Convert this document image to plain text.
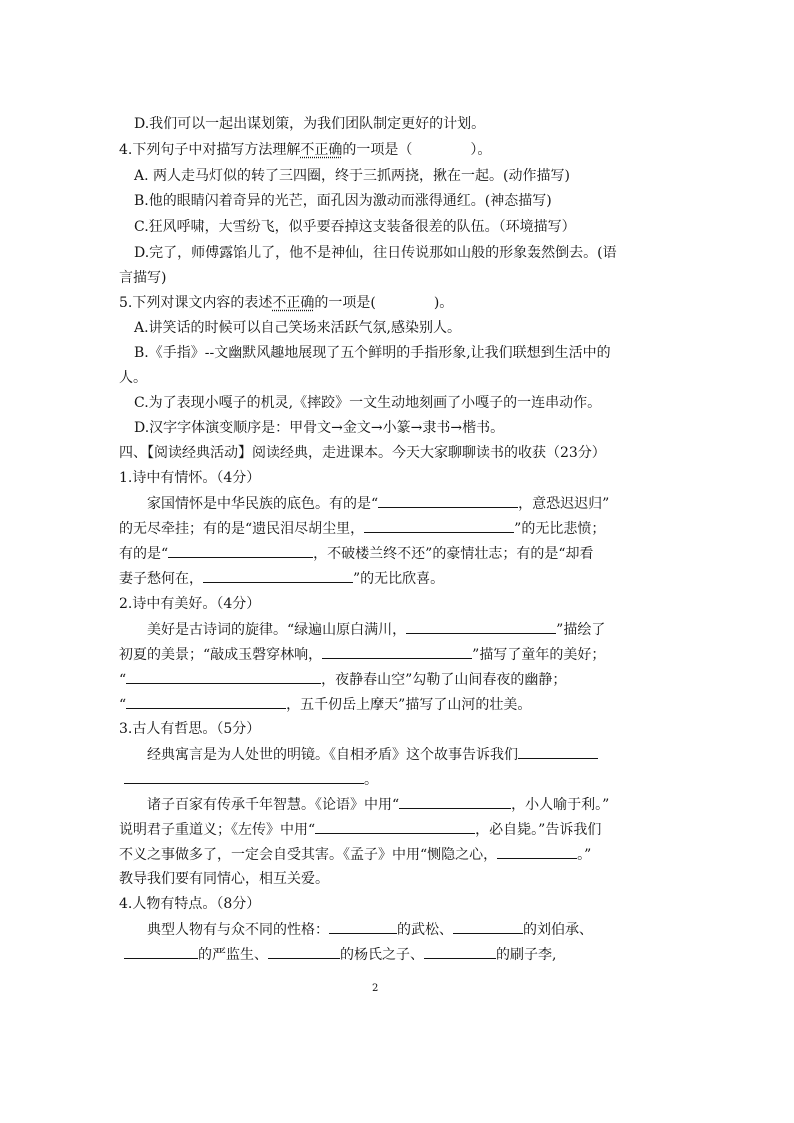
D.我们可以一起出谋划策，为我们团队制定更好的计划。
4.下列句子中对描写方法理解不正确的一项是（	）。
A. 两人走马灯似的转了三四圈，终于三抓两挠，揪在一起。(动作描写)
B.他的眼睛闪着奇异的光芒，面孔因为激动而涨得通红。(神态描写)
C.狂风呼啸，大雪纷飞，似乎要吞掉这支装备很差的队伍。（环境描写）
D.完了，师傅露馅儿了，他不是神仙，往日传说那如山般的形象轰然倒去。(语
言描写)
5.下列对课文内容的表述不正确的一项是(	)。
A.讲笑话的时候可以自己笑场来活跃气氛,感染别人。
B.《手指》--文幽默风趣地展现了五个鲜明的手指形象,让我们联想到生活中的
人。
C.为了表现小嘎子的机灵,《摔跤》一文生动地刻画了小嘎子的一连串动作。
D.汉字字体演变顺序是：甲骨文→金文→小篆→隶书→楷书。
四、【阅读经典活动】阅读经典，走进课本。今天大家聊聊读书的收获（23分）
1.诗中有情怀。（4分）
家国情怀是中华民族的底色。有的是“	，意恐迟迟归”
的无尽牵挂；有的是“遗民泪尽胡尘里，	”的无比悲愤；
有的是“	，不破楼兰终不还”的豪情壮志；有的是“却看
妻子愁何在，	”的无比欣喜。
2.诗中有美好。（4分）
美好是古诗词的旋律。“绿遍山原白满川，	”描绘了
初夏的美景；“敲成玉磬穿林响，	”描写了童年的美好；
“	，夜静春山空”勾勒了山间春夜的幽静；
“	，五千仞岳上摩天”描写了山河的壮美。
3.古人有哲思。（5分）
经典寓言是为人处世的明镜。《自相矛盾》这个故事告诉我们
。
诸子百家有传承千年智慧。《论语》中用“	，小人喻于利。”
说明君子重道义；《左传》中用“	，必自毙。”告诉我们
不义之事做多了，一定会自受其害。《孟子》中用“恻隐之心，	。”
教导我们要有同情心，相互关爱。
4.人物有特点。（8分）
典型人物有与众不同的性格：	的武松、	的刘伯承、
的严监生、	的杨氏之子、	的刷子李,
2
